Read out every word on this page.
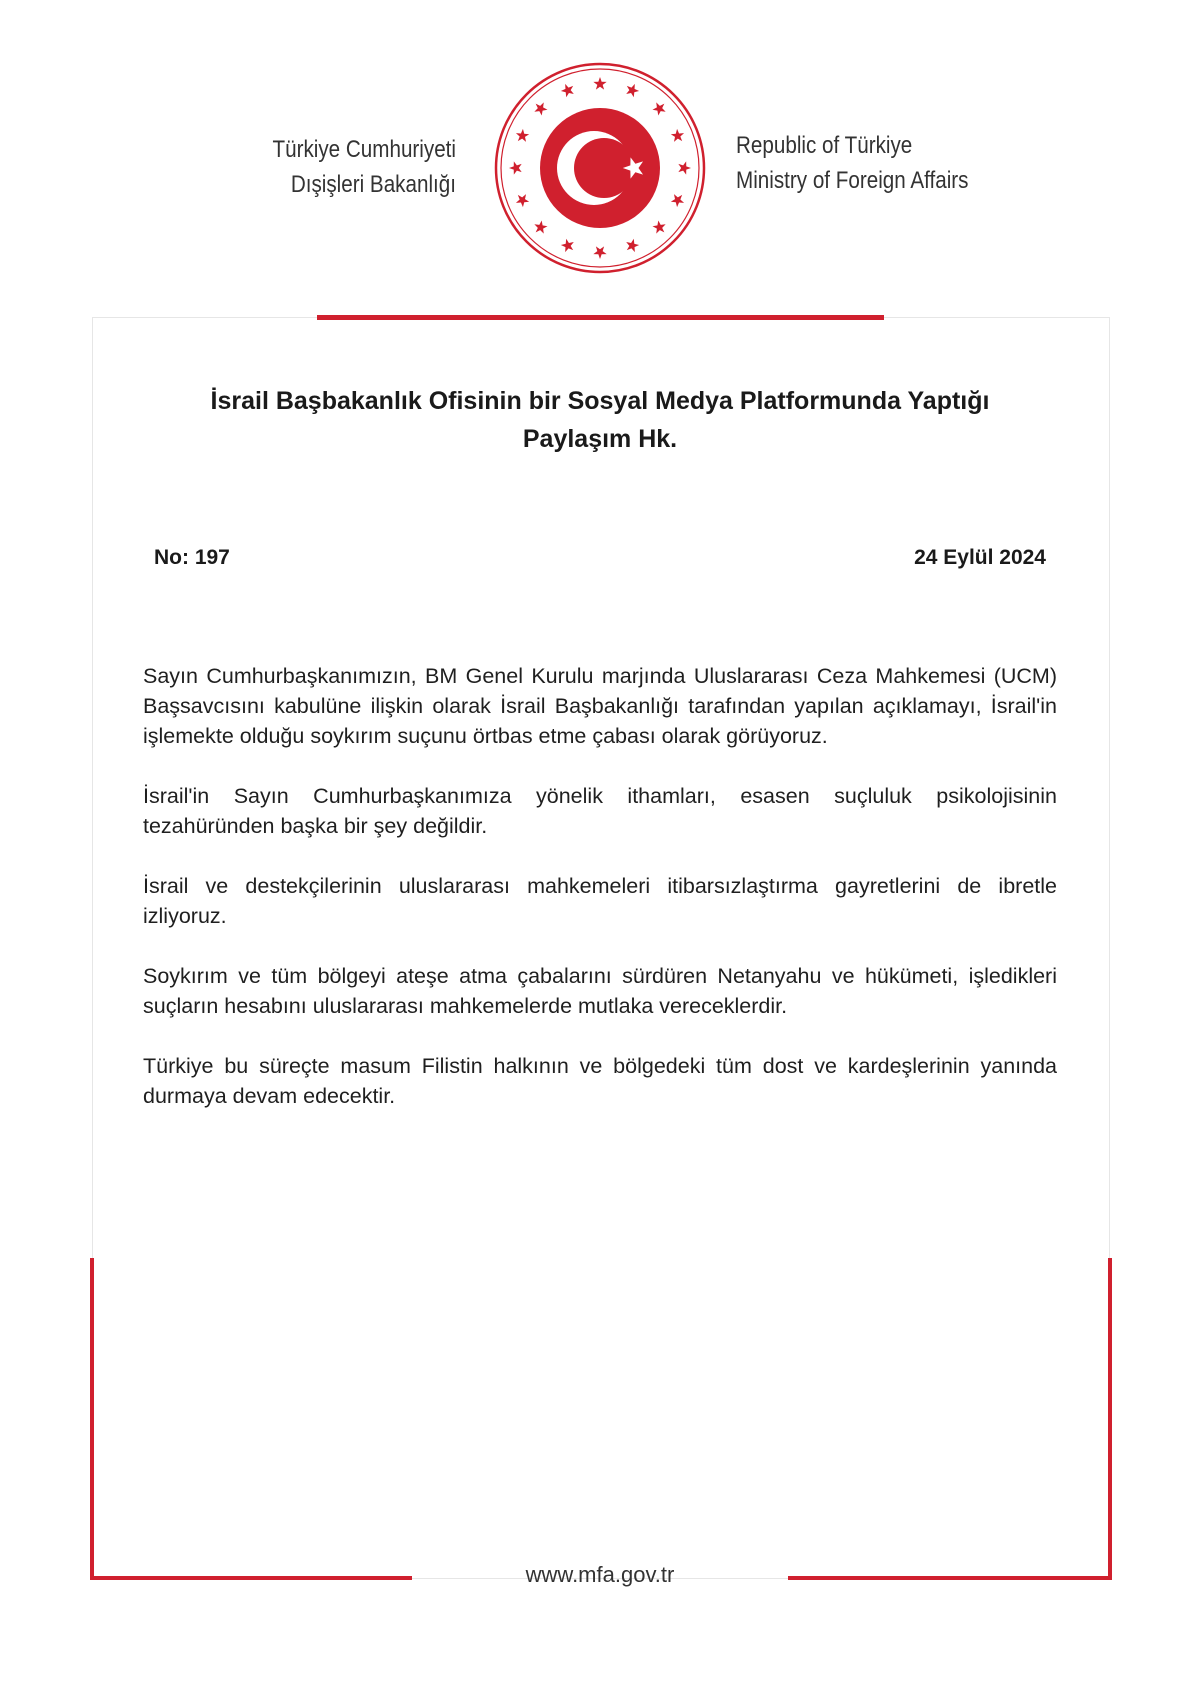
Türkiye Cumhuriyeti
Dışişleri Bakanlığı
Republic of Türkiye
Ministry of Foreign Affairs
İsrail Başbakanlık Ofisinin bir Sosyal Medya Platformunda Yaptığı
Paylaşım Hk.
No: 197	24 Eylül 2024

Sayın Cumhurbaşkanımızın, BM Genel Kurulu marjında Uluslararası Ceza Mahkemesi (UCM) Başsavcısını kabulüne ilişkin olarak İsrail Başbakanlığı tarafından yapılan açıklamayı, İsrail'in işlemekte olduğu soykırım suçunu örtbas etme çabası olarak görüyoruz.

İsrail'in Sayın Cumhurbaşkanımıza yönelik ithamları, esasen suçluluk psikolojisinin tezahüründen başka bir şey değildir.

İsrail ve destekçilerinin uluslararası mahkemeleri itibarsızlaştırma gayretlerini de ibretle izliyoruz.

Soykırım ve tüm bölgeyi ateşe atma çabalarını sürdüren Netanyahu ve hükümeti, işledikleri suçların hesabını uluslararası mahkemelerde mutlaka vereceklerdir.

Türkiye bu süreçte masum Filistin halkının ve bölgedeki tüm dost ve kardeşlerinin yanında durmaya devam edecektir.

www.mfa.gov.tr
